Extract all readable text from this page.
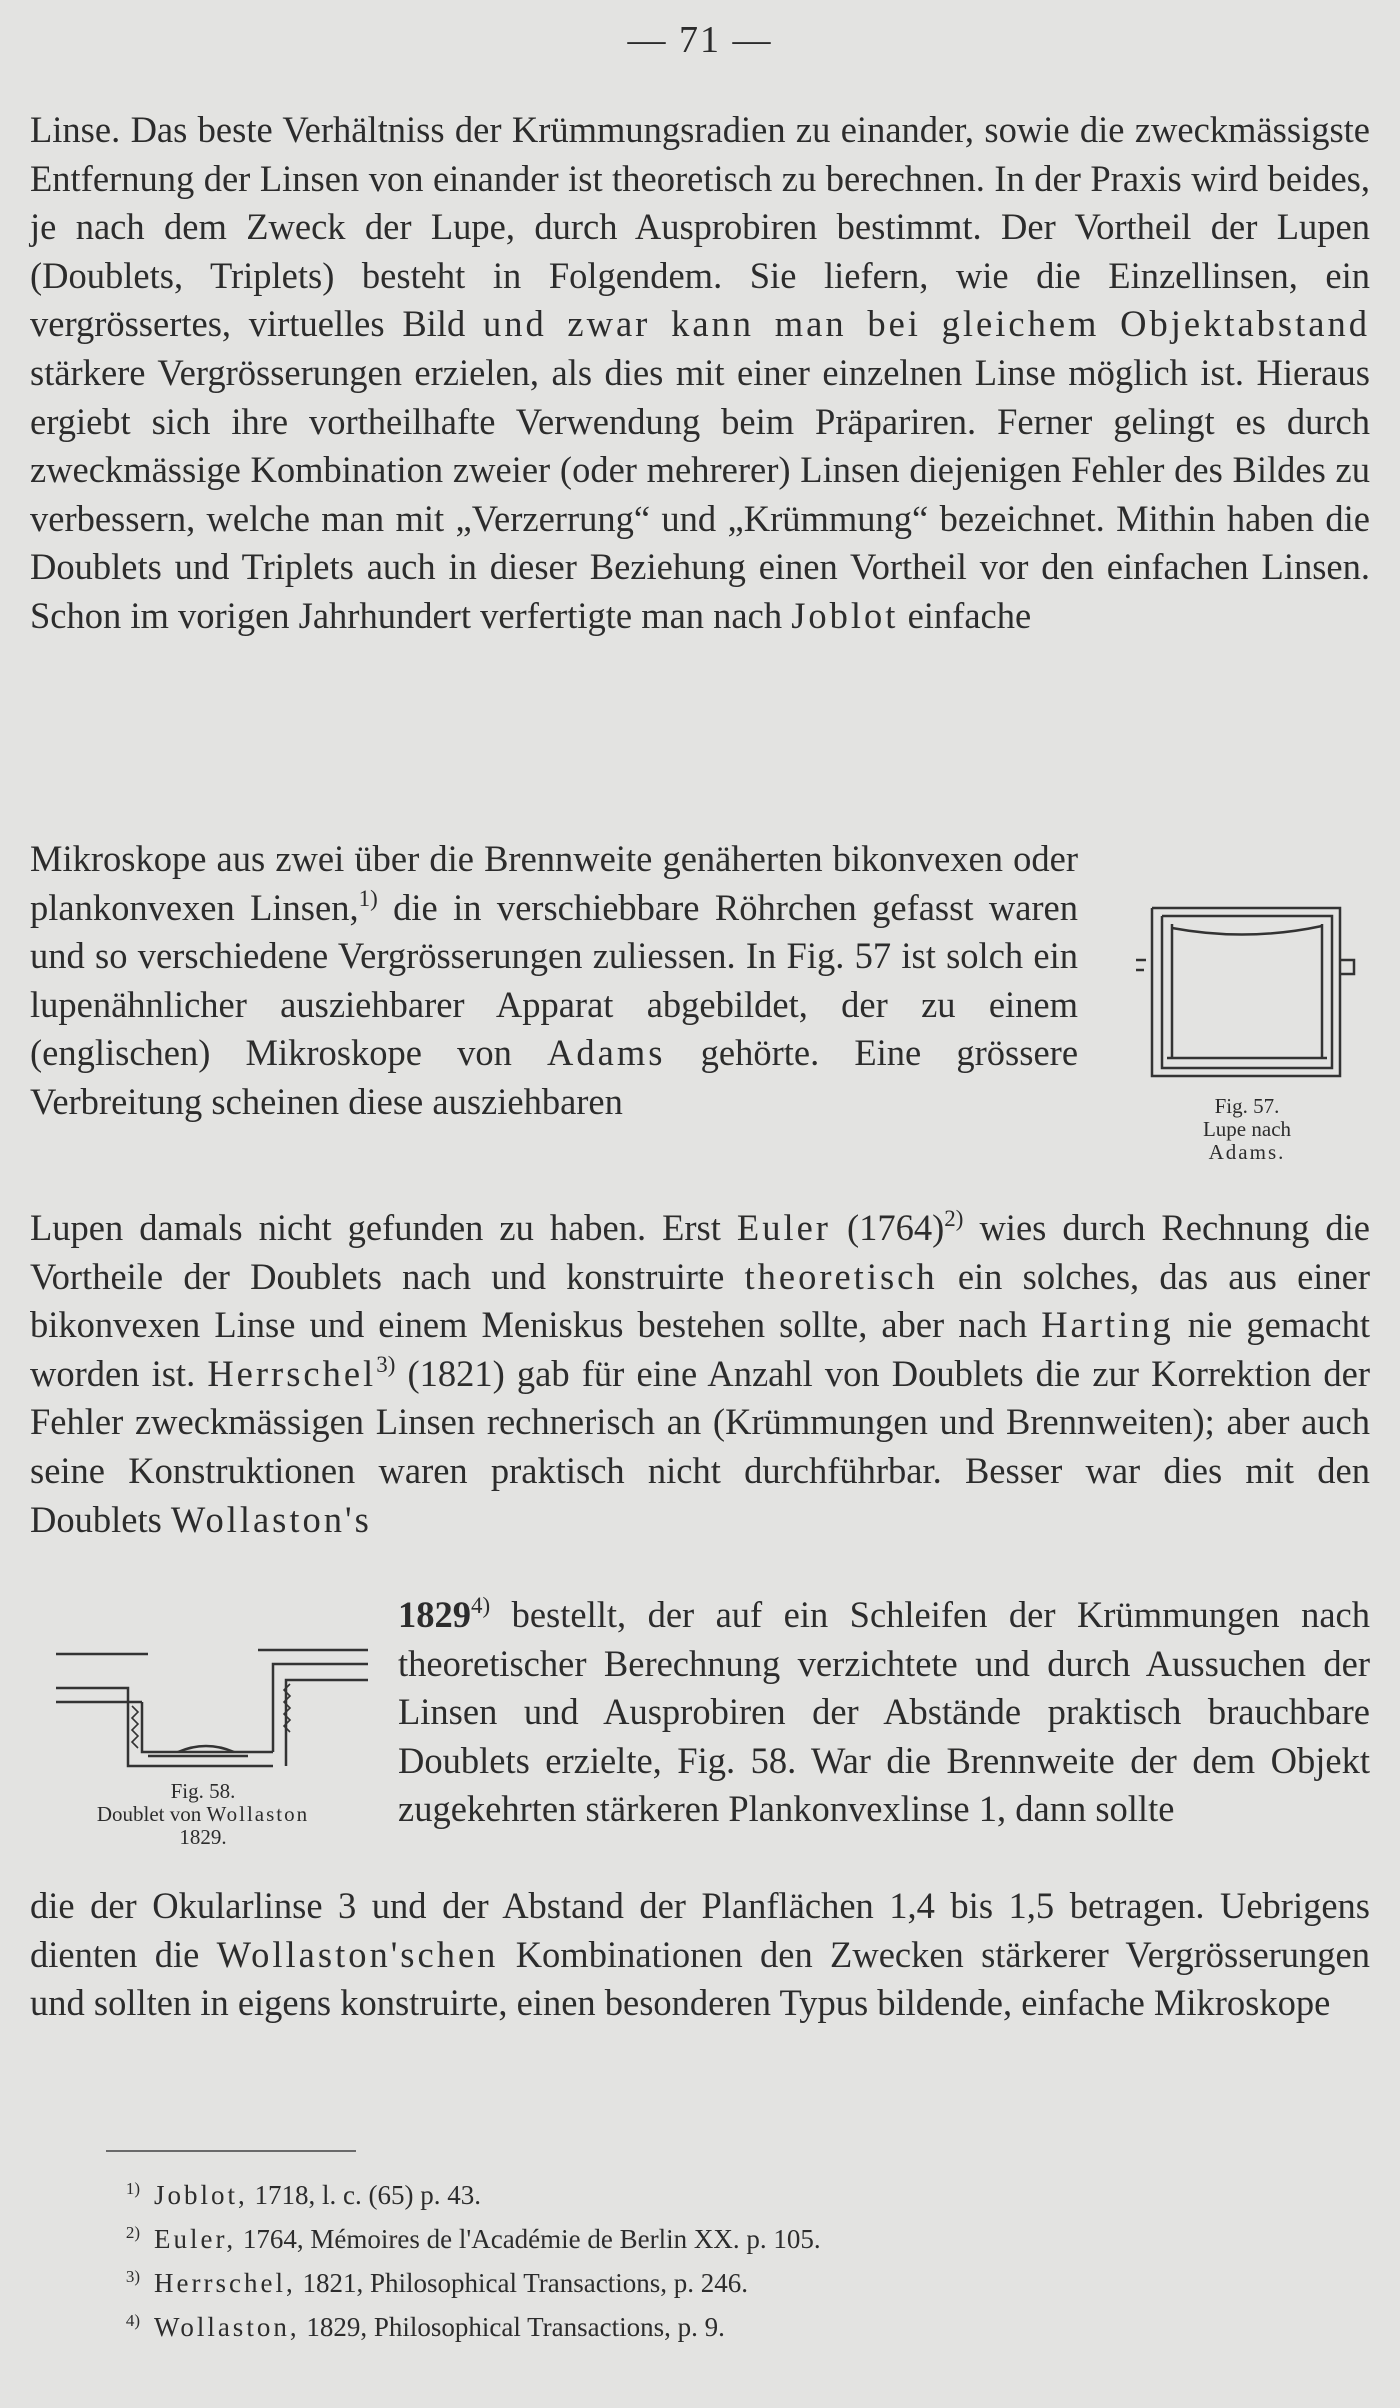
— 71 —
Linse. Das beste Verhältniss der Krümmungsradien zu einander, sowie die zweckmässigste Entfernung der Linsen von einander ist theoretisch zu berechnen. In der Praxis wird beides, je nach dem Zweck der Lupe, durch Ausprobiren bestimmt. Der Vortheil der Lupen (Doublets, Triplets) besteht in Folgendem. Sie liefern, wie die Einzellinsen, ein vergrössertes, virtuelles Bild und zwar kann man bei gleichem Objektabstand stärkere Vergrösserungen erzielen, als dies mit einer einzelnen Linse möglich ist. Hieraus ergiebt sich ihre vortheilhafte Verwendung beim Präpariren. Ferner gelingt es durch zweckmässige Kombination zweier (oder mehrerer) Linsen diejenigen Fehler des Bildes zu verbessern, welche man mit „Verzerrung“ und „Krümmung“ bezeichnet. Mithin haben die Doublets und Triplets auch in dieser Beziehung einen Vortheil vor den einfachen Linsen. Schon im vorigen Jahrhundert verfertigte man nach Joblot einfache
Mikroskope aus zwei über die Brennweite genäherten bikonvexen oder plankonvexen Linsen,$^{1)}$ die in verschiebbare Röhrchen gefasst waren und so verschiedene Vergrösserungen zuliessen. In Fig. 57 ist solch ein lupenähnlicher ausziehbarer Apparat abgebildet, der zu einem (englischen) Mikroskope von Adams gehörte. Eine grössere Verbreitung scheinen diese ausziehbaren	Fig. 57.
Lupe nach
Adams.
Lupen damals nicht gefunden zu haben. Erst Euler $(1764)^{2)}$ wies durch Rechnung die Vortheile der Doublets nach und konstruirte theoretisch ein solches, das aus einer bikonvexen Linse und einem Meniskus bestehen sollte, aber nach Harting nie gemacht worden ist. Herrschel$^{3)}$ (1821) gab für eine Anzahl von Doublets die zur Korrektion der Fehler zweckmässigen Linsen rechnerisch an (Krümmungen und Brennweiten); aber auch seine Konstruktionen waren praktisch nicht durchführbar. Besser war dies mit den Doublets Wollaston's
Fig. 58.
Doublet von Wollaston
1829.
1829$^{4)}$ bestellt, der auf ein Schleifen der Krümmungen nach theoretischer Berechnung verzichtete und durch Aussuchen der Linsen und Ausprobiren der Abstände praktisch brauchbare Doublets erzielte, Fig. 58. War die Brennweite der dem Objekt zugekehrten stärkeren Plankonvexlinse 1, dann sollte
die der Okularlinse 3 und der Abstand der Planflächen 1,4 bis 1,5 betragen. Uebrigens dienten die Wollaston'schen Kombinationen den Zwecken stärkerer Vergrösserungen und sollten in eigens konstruirte, einen besonderen Typus bildende, einfache Mikroskope
$^{1)}$ Joblot, 1718, l. c. (65) p. 43.
$^{2)}$ Euler, 1764, Mémoires de l'Académie de Berlin XX. p. 105.
$^{3)}$ Herrschel, 1821, Philosophical Transactions, p. 246.
$^{4)}$ Wollaston, 1829, Philosophical Transactions, p. 9.
